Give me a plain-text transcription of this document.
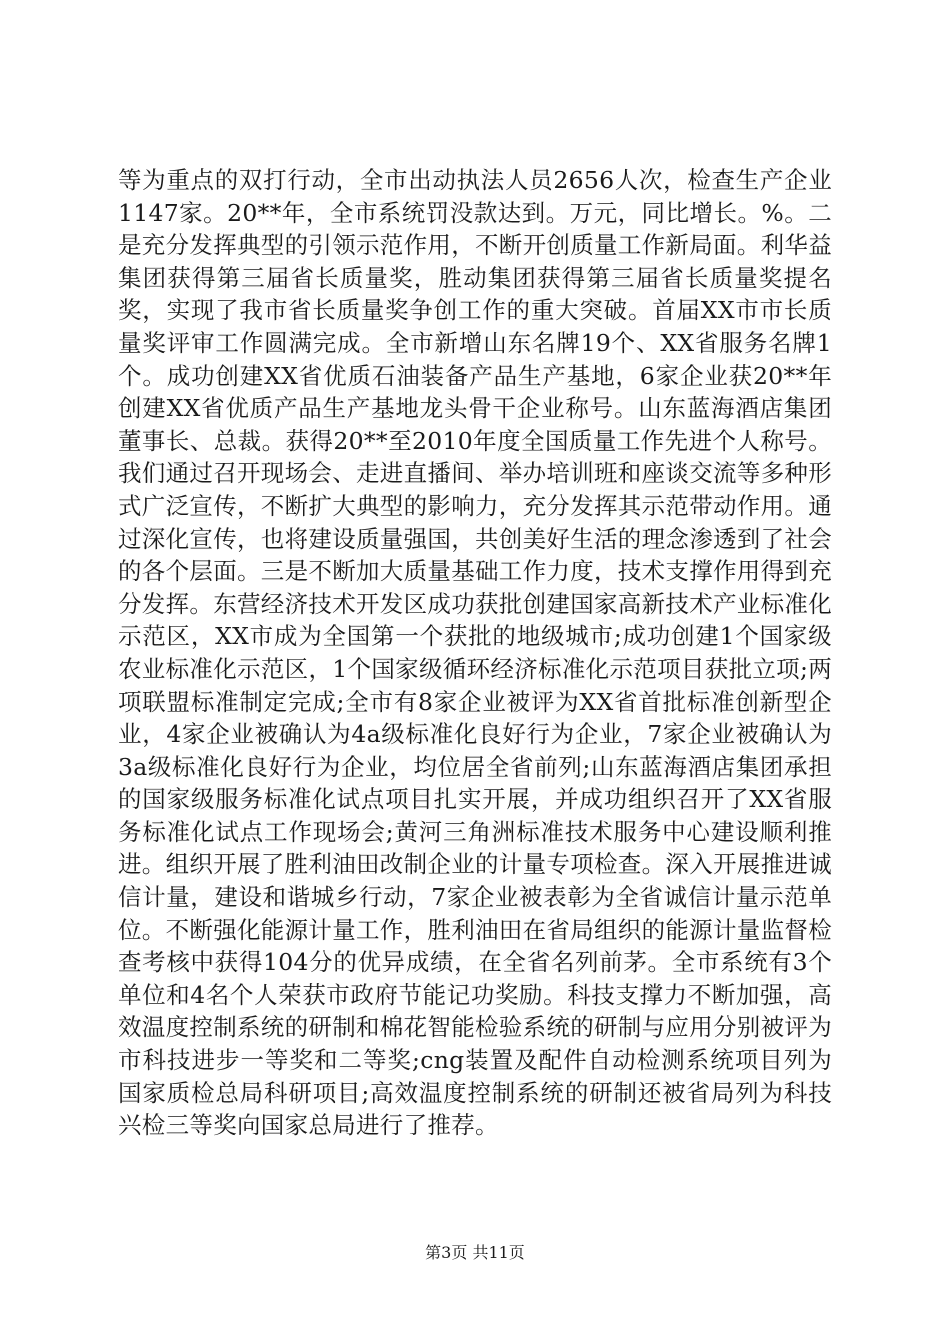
等为重点的双打行动，全市出动执法人员2656人次，检查生产企业1147家。20**年，全市系统罚没款达到。万元，同比增长。%。二是充分发挥典型的引领示范作用，不断开创质量工作新局面。利华益集团获得第三届省长质量奖，胜动集团获得第三届省长质量奖提名奖，实现了我市省长质量奖争创工作的重大突破。首届XX市市长质量奖评审工作圆满完成。全市新增山东名牌19个、XX省服务名牌1个。成功创建XX省优质石油装备产品生产基地，6家企业获20**年创建XX省优质产品生产基地龙头骨干企业称号。山东蓝海酒店集团董事长、总裁。获得20**至2010年度全国质量工作先进个人称号。我们通过召开现场会、走进直播间、举办培训班和座谈交流等多种形式广泛宣传，不断扩大典型的影响力，充分发挥其示范带动作用。通过深化宣传，也将建设质量强国，共创美好生活的理念渗透到了社会的各个层面。三是不断加大质量基础工作力度，技术支撑作用得到充分发挥。东营经济技术开发区成功获批创建国家高新技术产业标准化示范区，XX市成为全国第一个获批的地级城市;成功创建1个国家级农业标准化示范区，1个国家级循环经济标准化示范项目获批立项;两项联盟标准制定完成;全市有8家企业被评为XX省首批标准创新型企业，4家企业被确认为4a级标准化良好行为企业，7家企业被确认为3a级标准化良好行为企业，均位居全省前列;山东蓝海酒店集团承担的国家级服务标准化试点项目扎实开展，并成功组织召开了XX省服务标准化试点工作现场会;黄河三角洲标准技术服务中心建设顺利推进。组织开展了胜利油田改制企业的计量专项检查。深入开展推进诚信计量，建设和谐城乡行动，7家企业被表彰为全省诚信计量示范单位。不断强化能源计量工作，胜利油田在省局组织的能源计量监督检查考核中获得104分的优异成绩，在全省名列前茅。全市系统有3个单位和4名个人荣获市政府节能记功奖励。科技支撑力不断加强，高效温度控制系统的研制和棉花智能检验系统的研制与应用分别被评为市科技进步一等奖和二等奖;cng装置及配件自动检测系统项目列为国家质检总局科研项目;高效温度控制系统的研制还被省局列为科技兴检三等奖向国家总局进行了推荐。

第3页 共11页
